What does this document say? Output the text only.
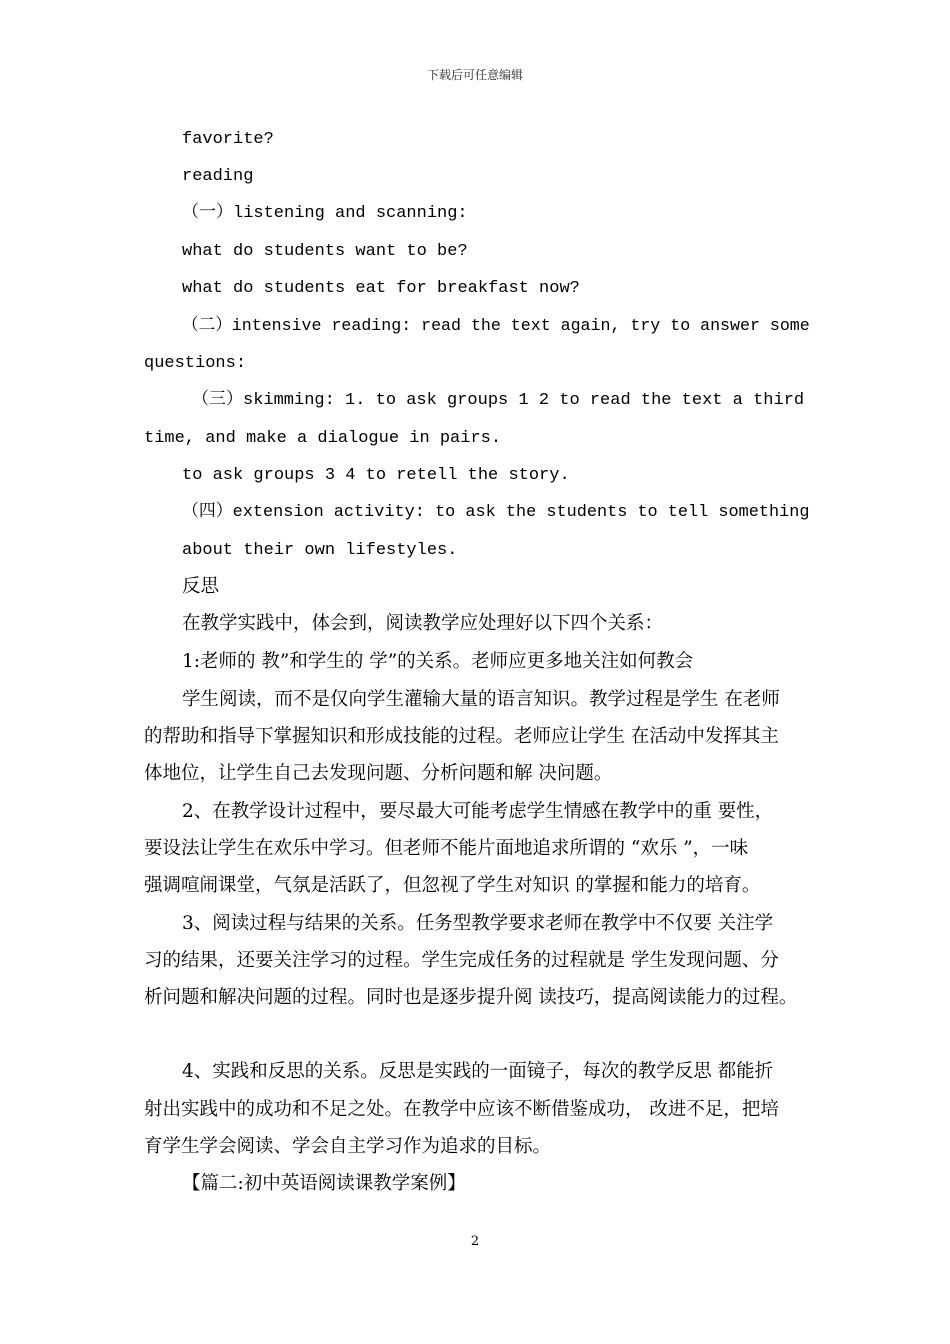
下载后可任意编辑
favorite?
reading
（一）listening and scanning:
what do students want to be?
what do students eat for breakfast now?
（二）intensive reading: read the text again, try to answer some
questions:
（三）skimming: 1. to ask groups 1 2 to read the text a third
time, and make a dialogue in pairs.
to ask groups 3 4 to retell the story.
（四）extension activity: to ask the students to tell something
about their own lifestyles.
反思
在教学实践中，体会到，阅读教学应处理好以下四个关系：
1:老师的 教”和学生的 学”的关系。老师应更多地关注如何教会
学生阅读，而不是仅向学生灌输大量的语言知识。教学过程是学生 在老师
的帮助和指导下掌握知识和形成技能的过程。老师应让学生 在活动中发挥其主
体地位，让学生自己去发现问题、分析问题和解 决问题。
2、在教学设计过程中，要尽最大可能考虑学生情感在教学中的重 要性，
要设法让学生在欢乐中学习。但老师不能片面地追求所谓的 “欢乐 ”，一味
强调喧闹课堂，气氛是活跃了，但忽视了学生对知识 的掌握和能力的培育。
3、阅读过程与结果的关系。任务型教学要求老师在教学中不仅要 关注学
习的结果，还要关注学习的过程。学生完成任务的过程就是 学生发现问题、分
析问题和解决问题的过程。同时也是逐步提升阅 读技巧，提高阅读能力的过程。
4、实践和反思的关系。反思是实践的一面镜子，每次的教学反思 都能折
射出实践中的成功和不足之处。在教学中应该不断借鉴成功， 改进不足，把培
育学生学会阅读、学会自主学习作为追求的目标。
【篇二:初中英语阅读课教学案例】
2
